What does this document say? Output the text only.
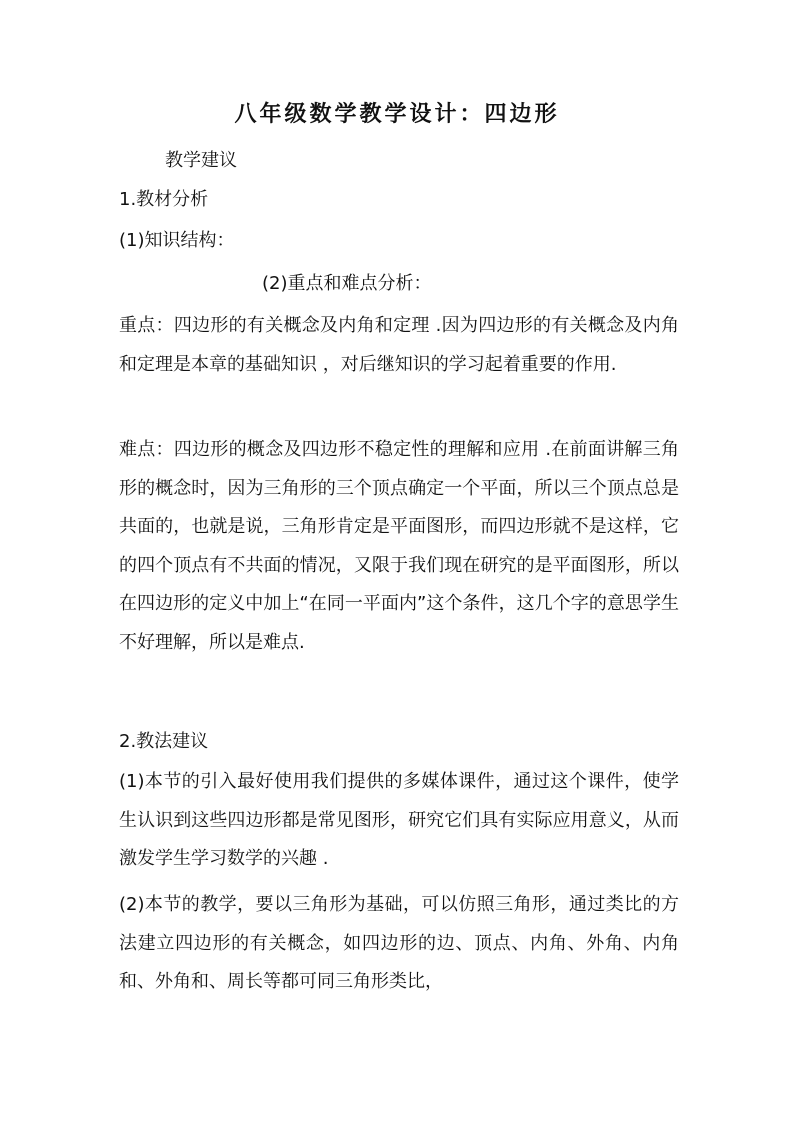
八年级数学教学设计：四边形

教学建议

1.教材分析

(1)知识结构：

(2)重点和难点分析：

重点：四边形的有关概念及内角和定理 .因为四边形的有关概念及内角和定理是本章的基础知识 ，对后继知识的学习起着重要的作用.

难点：四边形的概念及四边形不稳定性的理解和应用 .在前面讲解三角形的概念时，因为三角形的三个顶点确定一个平面，所以三个顶点总是共面的，也就是说，三角形肯定是平面图形，而四边形就不是这样，它的四个顶点有不共面的情况，又限于我们现在研究的是平面图形，所以在四边形的定义中加上“在同一平面内”这个条件，这几个字的意思学生不好理解，所以是难点.

2.教法建议

(1)本节的引入最好使用我们提供的多媒体课件，通过这个课件，使学生认识到这些四边形都是常见图形，研究它们具有实际应用意义，从而激发学生学习数学的兴趣 .

(2)本节的教学，要以三角形为基础，可以仿照三角形，通过类比的方法建立四边形的有关概念，如四边形的边、顶点、内角、外角、内角和、外角和、周长等都可同三角形类比，
